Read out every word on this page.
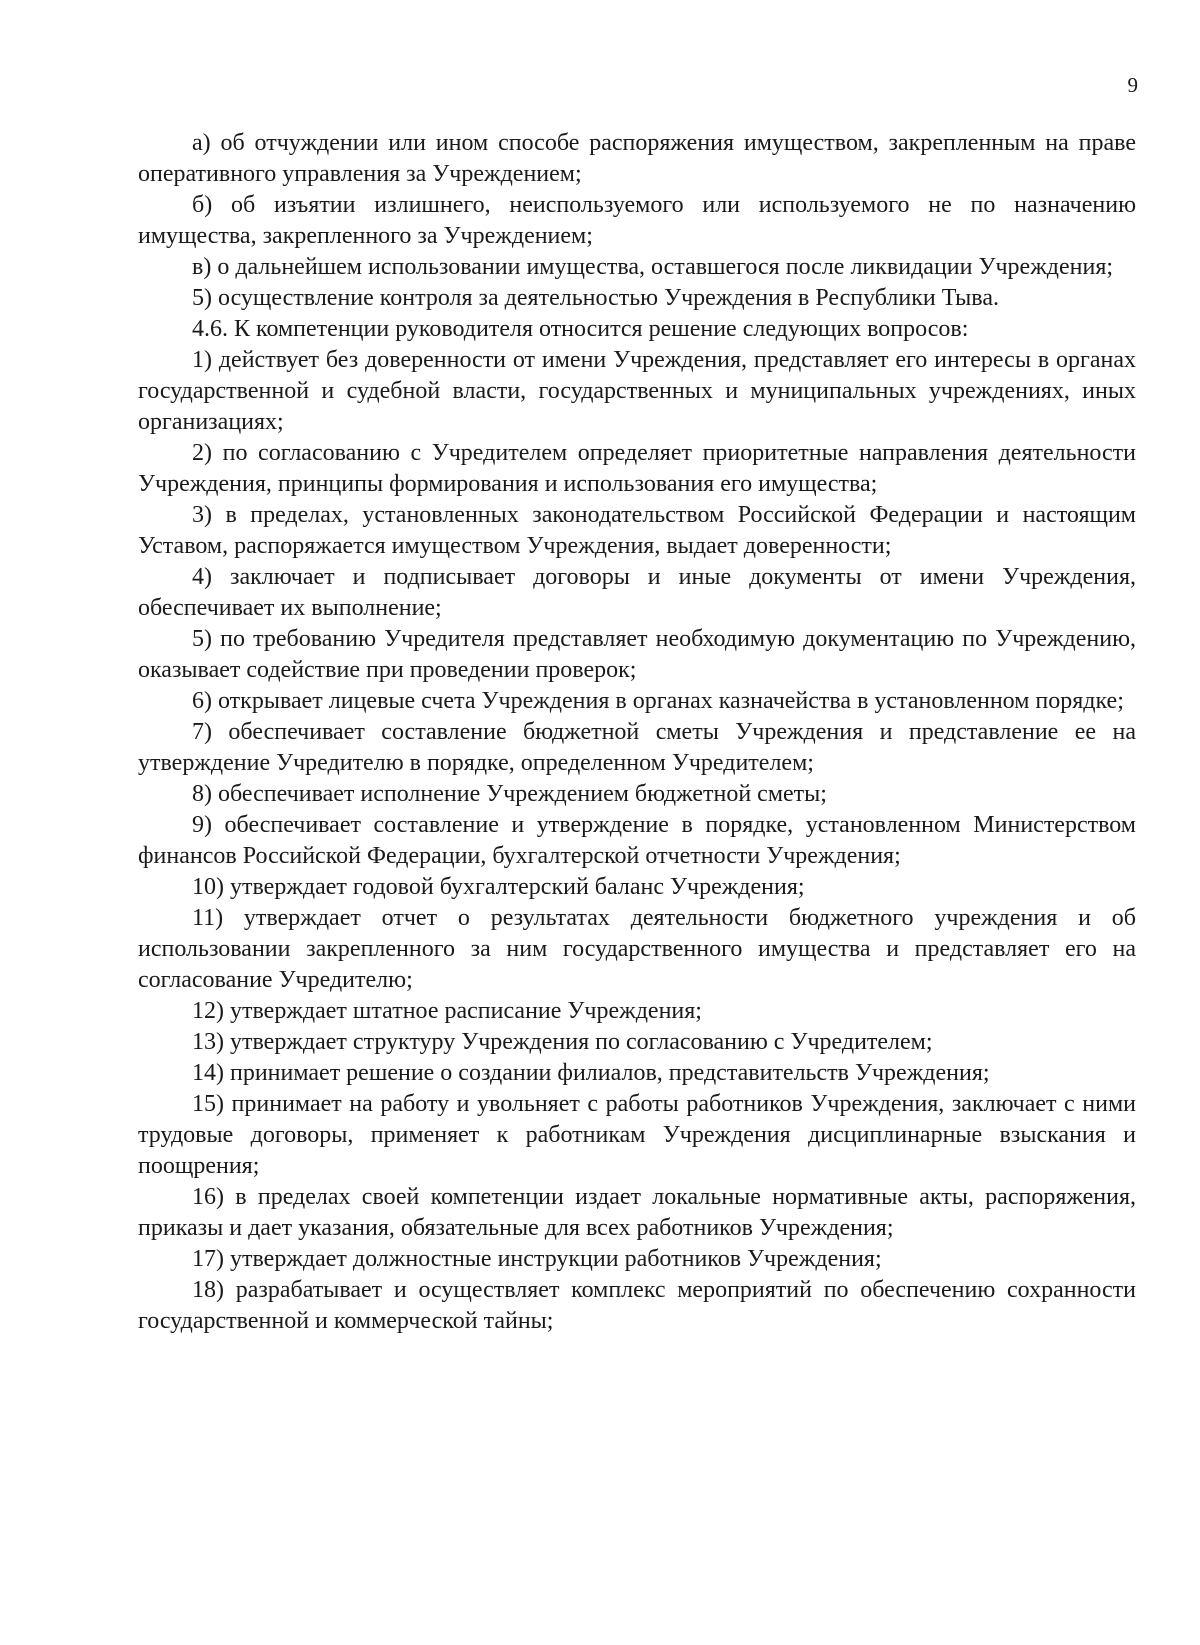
9

а) об отчуждении или ином способе распоряжения имуществом, закрепленным на праве оперативного управления за Учреждением;

б) об изъятии излишнего, неиспользуемого или используемого не по назначению имущества, закрепленного за Учреждением;

в) о дальнейшем использовании имущества, оставшегося после ликвидации Учреждения;

5) осуществление контроля за деятельностью Учреждения в Республики Тыва.

4.6. К компетенции руководителя относится решение следующих вопросов:

1) действует без доверенности от имени Учреждения, представляет его интересы в органах государственной и судебной власти, государственных и муниципальных учреждениях, иных организациях;

2) по согласованию с Учредителем определяет приоритетные направления деятельности Учреждения, принципы формирования и использования его имущества;

3) в пределах, установленных законодательством Российской Федерации и настоящим Уставом, распоряжается имуществом Учреждения, выдает доверенности;

4) заключает и подписывает договоры и иные документы от имени Учреждения, обеспечивает их выполнение;

5) по требованию Учредителя представляет необходимую документацию по Учреждению, оказывает содействие при проведении проверок;

6) открывает лицевые счета Учреждения в органах казначейства в установленном порядке;

7) обеспечивает составление бюджетной сметы Учреждения и представление ее на утверждение Учредителю в порядке, определенном Учредителем;

8) обеспечивает исполнение Учреждением бюджетной сметы;

9) обеспечивает составление и утверждение в порядке, установленном Министерством финансов Российской Федерации, бухгалтерской отчетности Учреждения;

10) утверждает годовой бухгалтерский баланс Учреждения;

11) утверждает отчет о результатах деятельности бюджетного учреждения и об использовании закрепленного за ним государственного имущества и представляет его на согласование Учредителю;

12) утверждает штатное расписание Учреждения;

13) утверждает структуру Учреждения по согласованию с Учредителем;

14) принимает решение о создании филиалов, представительств Учреждения;

15) принимает на работу и увольняет с работы работников Учреждения, заключает с ними трудовые договоры, применяет к работникам Учреждения дисциплинарные взыскания и поощрения;

16) в пределах своей компетенции издает локальные нормативные акты, распоряжения, приказы и дает указания, обязательные для всех работников Учреждения;

17) утверждает должностные инструкции работников Учреждения;

18) разрабатывает и осуществляет комплекс мероприятий по обеспечению сохранности государственной и коммерческой тайны;
